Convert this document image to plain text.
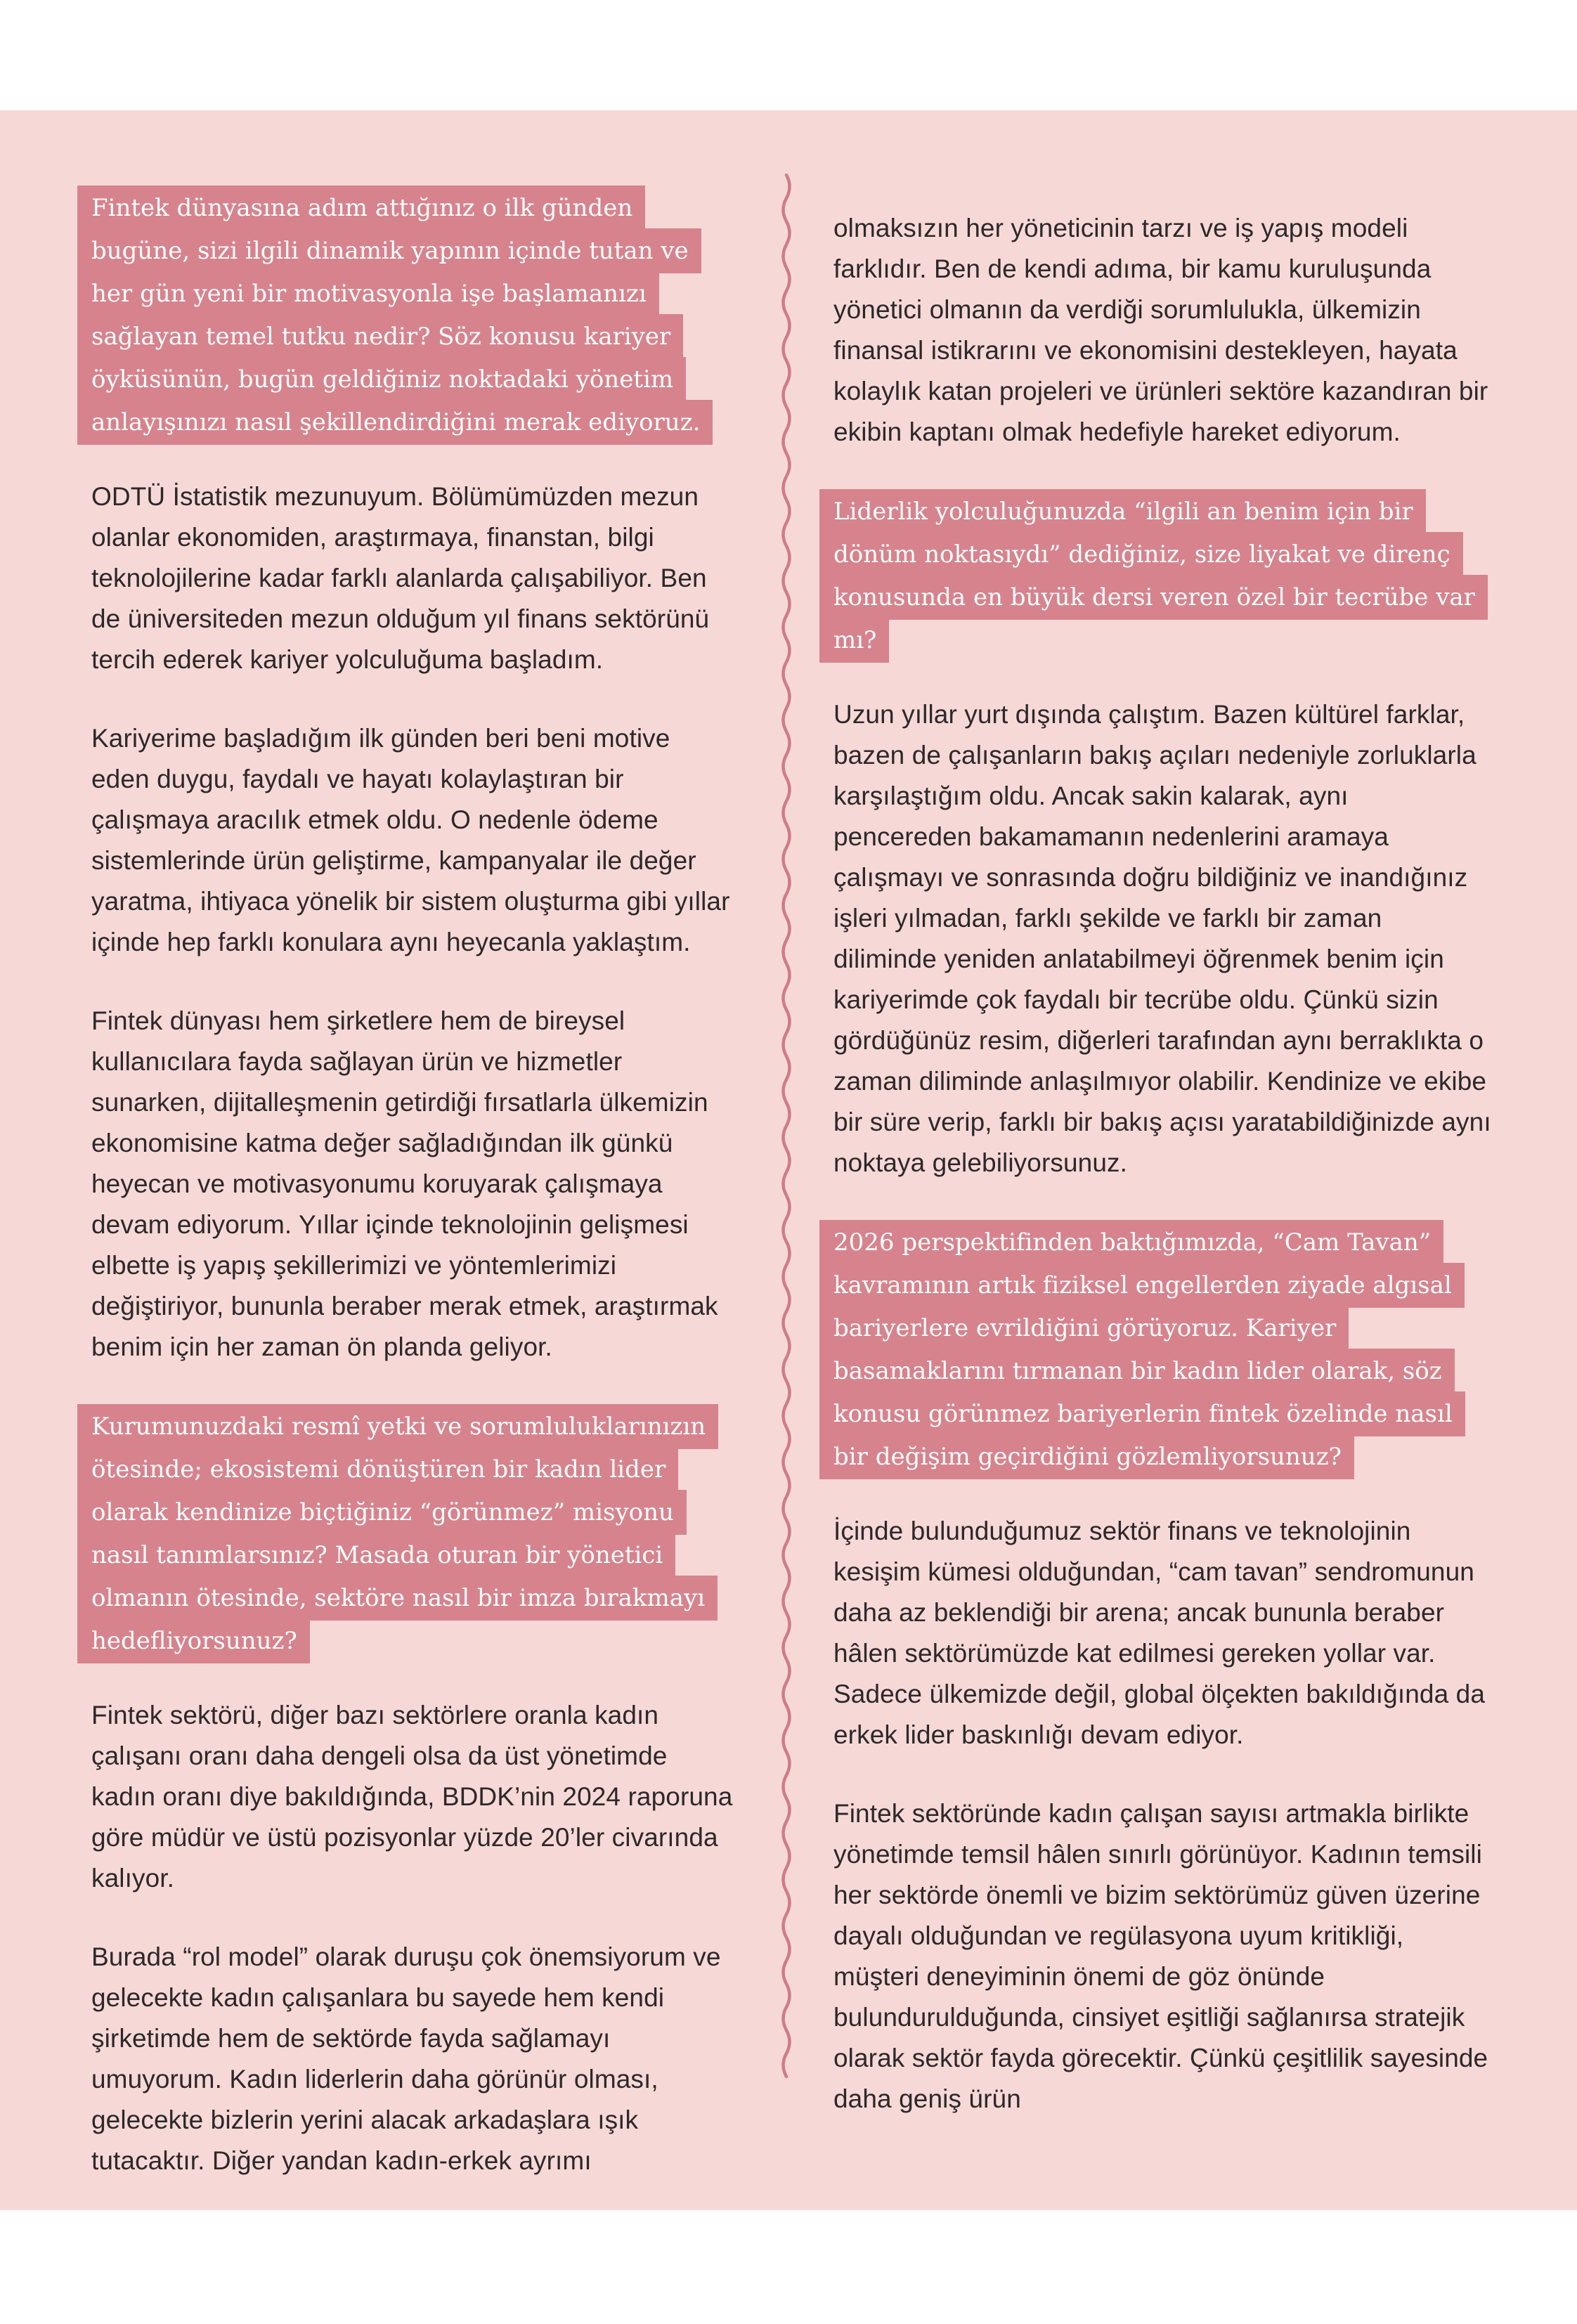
Fintek dünyasına adım attığınız o ilk günden bugüne, sizi ilgili dinamik yapının içinde tutan ve her gün yeni bir motivasyonla işe başlamanızı sağlayan temel tutku nedir? Söz konusu kariyer öyküsünün, bugün geldiğiniz noktadaki yönetim anlayışınızı nasıl şekillendirdiğini merak ediyoruz.

ODTÜ İstatistik mezunuyum. Bölümümüzden mezun olanlar ekonomiden, araştırmaya, finanstan, bilgi teknolojilerine kadar farklı alanlarda çalışabiliyor. Ben de üniversiteden mezun olduğum yıl finans sektörünü tercih ederek kariyer yolculuğuma başladım.

Kariyerime başladığım ilk günden beri beni motive eden duygu, faydalı ve hayatı kolaylaştıran bir çalışmaya aracılık etmek oldu. O nedenle ödeme sistemlerinde ürün geliştirme, kampanyalar ile değer yaratma, ihtiyaca yönelik bir sistem oluşturma gibi yıllar içinde hep farklı konulara aynı heyecanla yaklaştım.

Fintek dünyası hem şirketlere hem de bireysel kullanıcılara fayda sağlayan ürün ve hizmetler sunarken, dijitalleşmenin getirdiği fırsatlarla ülkemizin ekonomisine katma değer sağladığından ilk günkü heyecan ve motivasyonumu koruyarak çalışmaya devam ediyorum. Yıllar içinde teknolojinin gelişmesi elbette iş yapış şekillerimizi ve yöntemlerimizi değiştiriyor, bununla beraber merak etmek, araştırmak benim için her zaman ön planda geliyor.

Kurumunuzdaki resmî yetki ve sorumluluklarınızın ötesinde; ekosistemi dönüştüren bir kadın lider olarak kendinize biçtiğiniz “görünmez” misyonu nasıl tanımlarsınız? Masada oturan bir yönetici olmanın ötesinde, sektöre nasıl bir imza bırakmayı hedefliyorsunuz?

Fintek sektörü, diğer bazı sektörlere oranla kadın çalışanı oranı daha dengeli olsa da üst yönetimde kadın oranı diye bakıldığında, BDDK’nin 2024 raporuna göre müdür ve üstü pozisyonlar yüzde 20’ler civarında kalıyor.

Burada “rol model” olarak duruşu çok önemsiyorum ve gelecekte kadın çalışanlara bu sayede hem kendi şirketimde hem de sektörde fayda sağlamayı umuyorum. Kadın liderlerin daha görünür olması, gelecekte bizlerin yerini alacak arkadaşlara ışık tutacaktır. Diğer yandan kadın-erkek ayrımı

olmaksızın her yöneticinin tarzı ve iş yapış modeli farklıdır. Ben de kendi adıma, bir kamu kuruluşunda yönetici olmanın da verdiği sorumlulukla, ülkemizin finansal istikrarını ve ekonomisini destekleyen, hayata kolaylık katan projeleri ve ürünleri sektöre kazandıran bir ekibin kaptanı olmak hedefiyle hareket ediyorum.

Liderlik yolculuğunuzda “ilgili an benim için bir dönüm noktasıydı” dediğiniz, size liyakat ve direnç konusunda en büyük dersi veren özel bir tecrübe var mı?

Uzun yıllar yurt dışında çalıştım. Bazen kültürel farklar, bazen de çalışanların bakış açıları nedeniyle zorluklarla karşılaştığım oldu. Ancak sakin kalarak, aynı pencereden bakamamanın nedenlerini aramaya çalışmayı ve sonrasında doğru bildiğiniz ve inandığınız işleri yılmadan, farklı şekilde ve farklı bir zaman diliminde yeniden anlatabilmeyi öğrenmek benim için kariyerimde çok faydalı bir tecrübe oldu. Çünkü sizin gördüğünüz resim, diğerleri tarafından aynı berraklıkta o zaman diliminde anlaşılmıyor olabilir. Kendinize ve ekibe bir süre verip, farklı bir bakış açısı yaratabildiğinizde aynı noktaya gelebiliyorsunuz.

2026 perspektifinden baktığımızda, “Cam Tavan” kavramının artık fiziksel engellerden ziyade algısal bariyerlere evrildiğini görüyoruz. Kariyer basamaklarını tırmanan bir kadın lider olarak, söz konusu görünmez bariyerlerin fintek özelinde nasıl bir değişim geçirdiğini gözlemliyorsunuz?

İçinde bulunduğumuz sektör finans ve teknolojinin kesişim kümesi olduğundan, “cam tavan” sendromunun daha az beklendiği bir arena; ancak bununla beraber hâlen sektörümüzde kat edilmesi gereken yollar var. Sadece ülkemizde değil, global ölçekten bakıldığında da erkek lider baskınlığı devam ediyor.

Fintek sektöründe kadın çalışan sayısı artmakla birlikte yönetimde temsil hâlen sınırlı görünüyor. Kadının temsili her sektörde önemli ve bizim sektörümüz güven üzerine dayalı olduğundan ve regülasyona uyum kritikliği, müşteri deneyiminin önemi de göz önünde bulundurulduğunda, cinsiyet eşitliği sağlanırsa stratejik olarak sektör fayda görecektir. Çünkü çeşitlilik sayesinde daha geniş ürün
